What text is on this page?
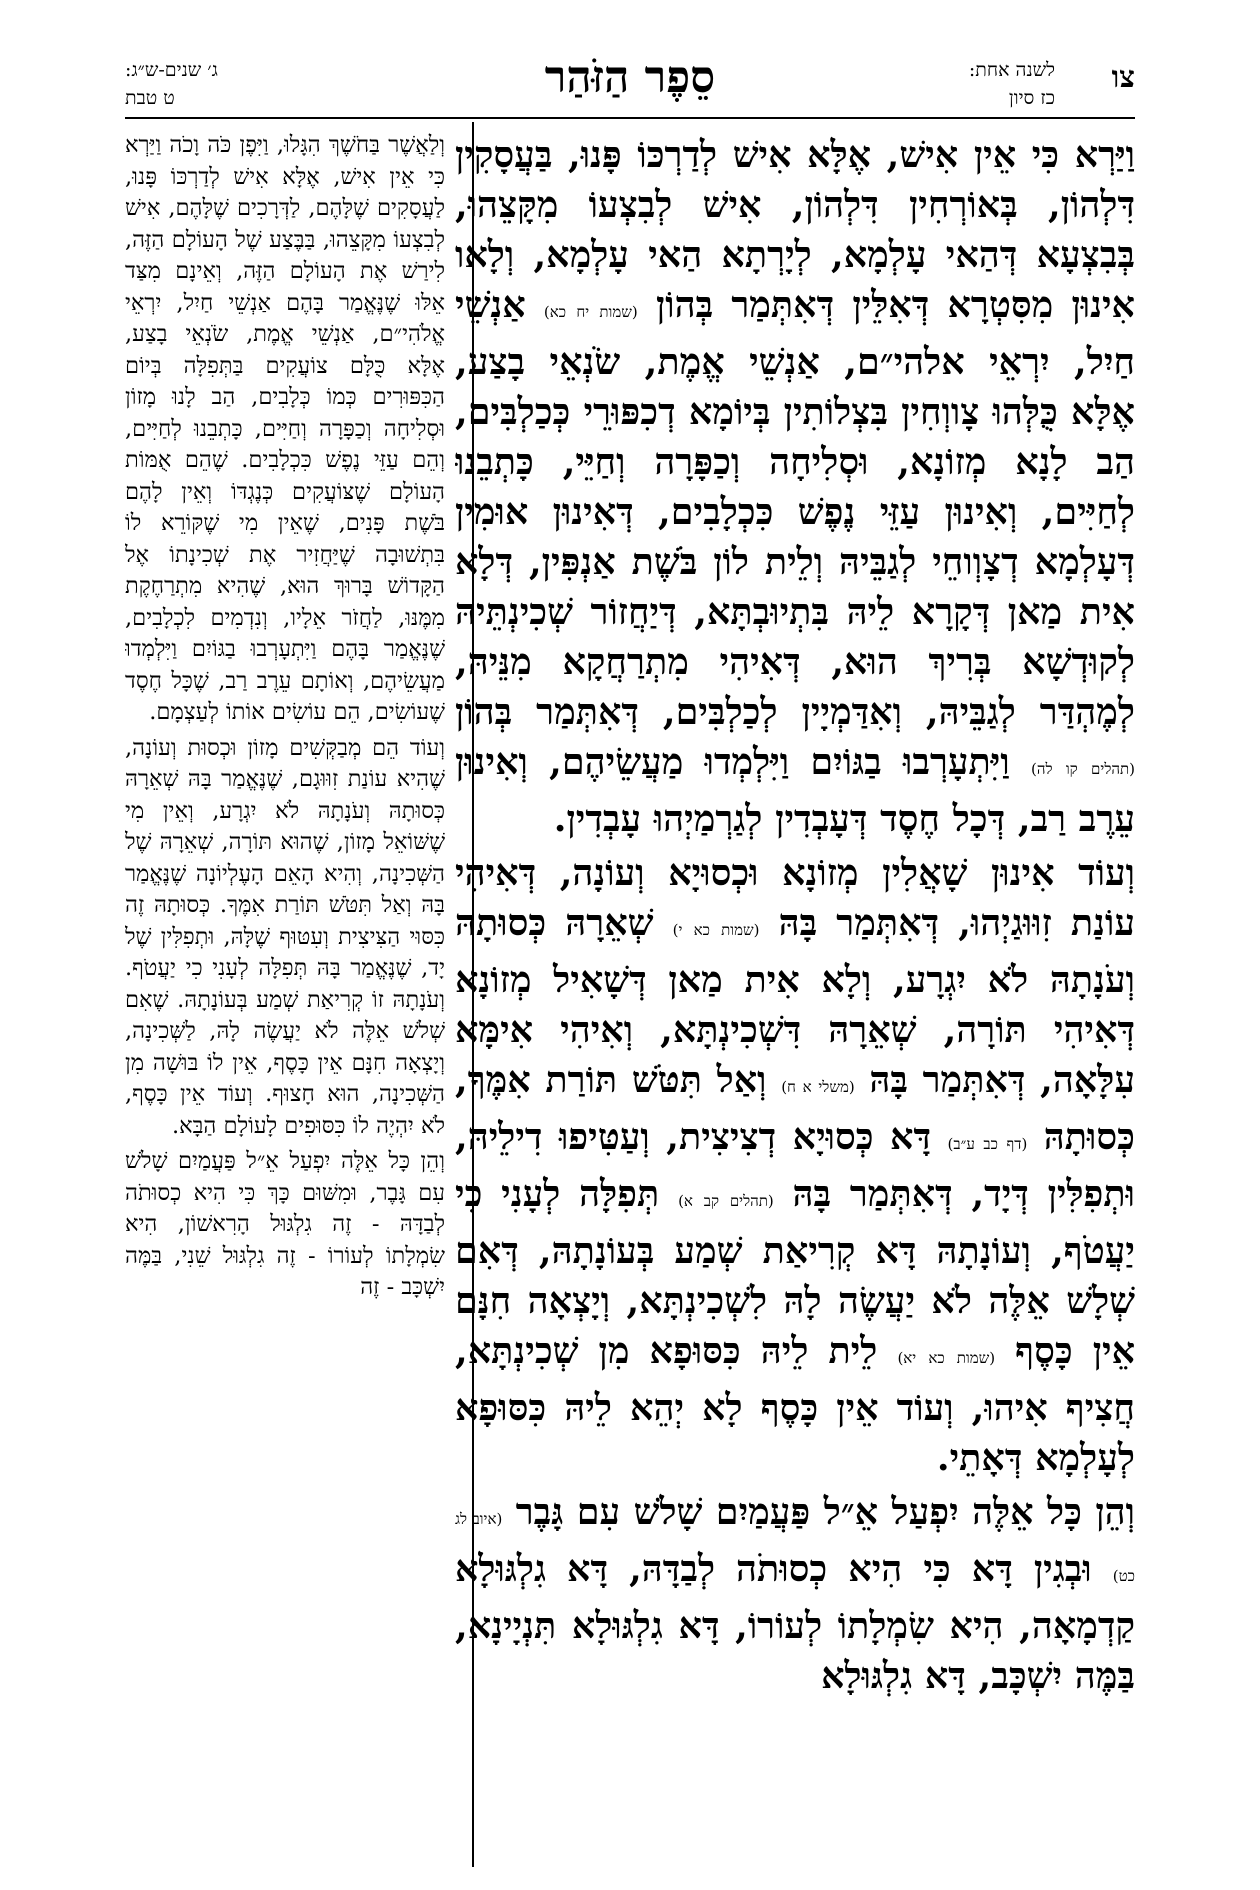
צו
לשנה אחת:
כז סיון
סֵפֶר הַזֹּהַר
ג׳ שנים-ש״ג:
ט טבת

וַיַּרְא כִּי אֵין אִישׁ, אֶלָּא אִישׁ לְדַרְכּוֹ פָּנוּ, בַּעֲסָקִין דִּלְהוֹן, בְּאוֹרְחִין דִּלְהוֹן, אִישׁ לְבִצְעוֹ מִקָּצֵהוּ, בְּבִצְעָא דְּהַאי עָלְמָא, לְיָרְתָא הַאי עָלְמָא, וְלָאו אִינוּן מִסִּטְרָא דְּאִלֵּין דְּאִתְּמַר בְּהוֹן (שמות יח כא) אַנְשֵׁי חַיִל, יִרְאֵי אלהי״ם, אַנְשֵׁי אֱמֶת, שֹׂנְאֵי בָצַע, אֶלָּא כֻּלְּהוּ צָווְחִין בִּצְלוֹתִין בְּיוֹמָא דְכִפּוּרֵי כְּכַלְבִּים, הַב לָנָא מְזוֹנָא, וּסְלִיחָה וְכַפָּרָה וְחַיֵּי, כָּתְבֵנוּ לְחַיִּים, וְאִינוּן עַזֵּי נֶפֶשׁ כִּכְלָבִים, דְּאִינוּן אוּמִין דְּעָלְמָא דְצָוְוחֵי לְגַבֵּיהּ וְלֵית לוֹן בֹּשֶׁת אַנְפִּין, דְּלָא אִית מַאן דְּקָרָא לֵיהּ בִּתְיוּבְתָּא, דְּיַחֲזוֹר שְׁכִינְתֵּיהּ לְקוּדְשָׁא בְּרִיךְ הוּא, דְּאִיהִי מִתְרַחֲקָא מִנֵּיהּ, לְמֶהְדַּר לְגַבֵּיהּ, וְאִדַּמְיָין לְכַלְבִּים, דְּאִתְּמַר בְּהוֹן (תהלים קו לה) וַיִּתְעָרְבוּ בַגּוֹיִם וַיִּלְמְדוּ מַעֲשֵׂיהֶם, וְאִינוּן עֵרֶב רַב, דְּכָל חֶסֶד דְּעָבְדִין לְגַרְמַיְהוּ עָבְדִין.

וְעוֹד אִינוּן שָׁאֲלִין מְזוֹנָא וּכְסוּיָא וְעוֹנָה, דְּאִיהִי עוֹנַת זִוּוּגַיְהוּ, דְּאִתְּמַר בָּהּ (שמות כא י) שְׁאֵרָהּ כְּסוּתָהּ וְעֹנָתָהּ לֹא יִגְרָע, וְלָא אִית מַאן דְּשָׁאִיל מְזוֹנָא דְּאִיהִי תּוֹרָה, שְׁאֵרָהּ דִּשְׁכִינְתָּא, וְאִיהִי אִימָּא עִלָּאָה, דְּאִתְּמַר בָּהּ (משלי א ח) וְאַל תִּטֹּשׁ תּוֹרַת אִמֶּךָ, כְּסוּתָהּ (דף כב ע״ב) דָּא כְּסוּיָא דְצִיצִית, וְעַטִּיפוּ דִילֵיהּ, וּתְפִלִּין דְּיָד, דְּאִתְּמַר בָּהּ (תהלים קב א) תְּפִלָּה לְעָנִי כִי יַעֲטֹף, וְעוֹנָתָהּ דָּא קְרִיאַת שְׁמַע בְּעוֹנָתָהּ, דְּאִם שְׁלָשׁ אֵלֶּה לֹא יַעֲשֶׂה לָהּ לִשְׁכִינְתָּא, וְיָצְאָה חִנָּם אֵין כָּסֶף (שמות כא יא) לֵית לֵיהּ כִּסּוּפָא מִן שְׁכִינְתָּא, חֲצִיף אִיהוּ, וְעוֹד אֵין כָּסֶף לָא יְהֵא לֵיהּ כִּסּוּפָא לְעָלְמָא דְּאָתֵי.

וְהֵן כָּל אֵלֶּה יִפְעַל אֵ״ל פַּעֲמַיִם שָׁלֹשׁ עִם גָּבֶר (איוב לג כט) וּבְגִין דָּא כִּי הִיא כְסוּתֹה לְבַדָּהּ, דָּא גִלְגּוּלָא קַדְמָאָה, הִיא שִׂמְלָתוֹ לְעוֹרוֹ, דָּא גִלְגּוּלָא תִּנְיָינָא, בַּמֶּה יִשְׁכָּב, דָּא גִלְגּוּלָא

וְלַאֲשֶׁר בַּחֹשֶׁךְ הִגָּלוּ, וַיִּפֶן כֹּה וָכֹה וַיַּרְא כִּי אֵין אִישׁ, אֶלָּא אִישׁ לְדַרְכּוֹ פָּנוּ, לַעֲסָקִים שֶׁלָּהֶם, לַדְּרָכִים שֶׁלָּהֶם, אִישׁ לְבִצְעוֹ מִקָּצֵהוּ, בַּבֶּצַע שֶׁל הָעוֹלָם הַזֶּה, לִירַשׁ אֶת הָעוֹלָם הַזֶּה, וְאֵינָם מִצַּד אֵלּוּ שֶׁנֶּאֱמַר בָּהֶם אַנְשֵׁי חַיִל, יִרְאֵי אֱלֹהִי״ם, אַנְשֵׁי אֱמֶת, שֹׂנְאֵי בָצַע, אֶלָּא כֻּלָּם צוֹעֲקִים בַּתְּפִלָּה בְּיוֹם הַכִּפּוּרִים כְּמוֹ כְּלָבִים, הַב לָנוּ מָזוֹן וּסְלִיחָה וְכַפָּרָה וְחַיִּים, כָּתְבֵנוּ לְחַיִּים, וְהֵם עַזֵּי נֶפֶשׁ כִּכְלָבִים. שֶׁהֵם אֻמּוֹת הָעוֹלָם שֶׁצּוֹעֲקִים כְּנֶגְדּוֹ וְאֵין לָהֶם בֹּשֶׁת פָּנִים, שֶׁאֵין מִי שֶׁקּוֹרֵא לוֹ בִּתְשׁוּבָה שֶׁיַּחֲזִיר אֶת שְׁכִינָתוֹ אֶל הַקָּדוֹשׁ בָּרוּךְ הוּא, שֶׁהִיא מִתְרַחֶקֶת מִמֶּנּוּ, לַחֲזֹר אֵלָיו, וְנִדְמִים לִכְלָבִים, שֶׁנֶּאֱמַר בָּהֶם וַיִּתְעָרְבוּ בַגּוֹיִם וַיִּלְמְדוּ מַעֲשֵׂיהֶם, וְאוֹתָם עֵרֶב רַב, שֶׁכָּל חֶסֶד שֶׁעוֹשִׂים, הֵם עוֹשִׂים אוֹתוֹ לְעַצְמָם.

וְעוֹד הֵם מְבַקְּשִׁים מָזוֹן וּכְסוּת וְעוֹנָה, שֶׁהִיא עוֹנַת זִוּוּגָם, שֶׁנֶּאֱמַר בָּהּ שְׁאֵרָהּ כְּסוּתָהּ וְעֹנָתָהּ לֹא יִגְרָע, וְאֵין מִי שֶׁשּׁוֹאֵל מָזוֹן, שֶׁהוּא תּוֹרָה, שְׁאֵרָהּ שֶׁל הַשְּׁכִינָה, וְהִיא הָאֵם הָעֶלְיוֹנָה שֶׁנֶּאֱמַר בָּהּ וְאַל תִּטֹּשׁ תּוֹרַת אִמֶּךָ. כְּסוּתָהּ זֶה כִּסּוּי הַצִּיצִית וְעִטּוּף שֶׁלָּהּ, וּתְפִלִּין שֶׁל יָד, שֶׁנֶּאֱמַר בָּהּ תְּפִלָּה לְעָנִי כִי יַעֲטֹף. וְעֹנָתָהּ זוֹ קְרִיאַת שְׁמַע בְּעוֹנָתָהּ. שֶׁאִם שְׁלֹשׁ אֵלֶּה לֹא יַעֲשֶׂה לָהּ, לַשְּׁכִינָה, וְיָצְאָה חִנָּם אֵין כָּסֶף, אֵין לוֹ בּוּשָׁה מִן הַשְּׁכִינָה, הוּא חָצוּף. וְעוֹד אֵין כָּסֶף, לֹא יִהְיֶה לוֹ כִּסּוּפִים לָעוֹלָם הַבָּא.

וְהֵן כָּל אֵלֶּה יִפְעַל אֵ״ל פַּעֲמַיִם שָׁלֹשׁ עִם גָּבֶר, וּמִשּׁוּם כָּךְ כִּי הִיא כְסוּתֹה לְבַדָּהּ - זֶה גִלְגּוּל הָרִאשׁוֹן, הִיא שִׂמְלָתוֹ לְעוֹרוֹ - זֶה גִלְגּוּל שֵׁנִי, בַּמֶּה יִשְׁכָּב - זֶה
